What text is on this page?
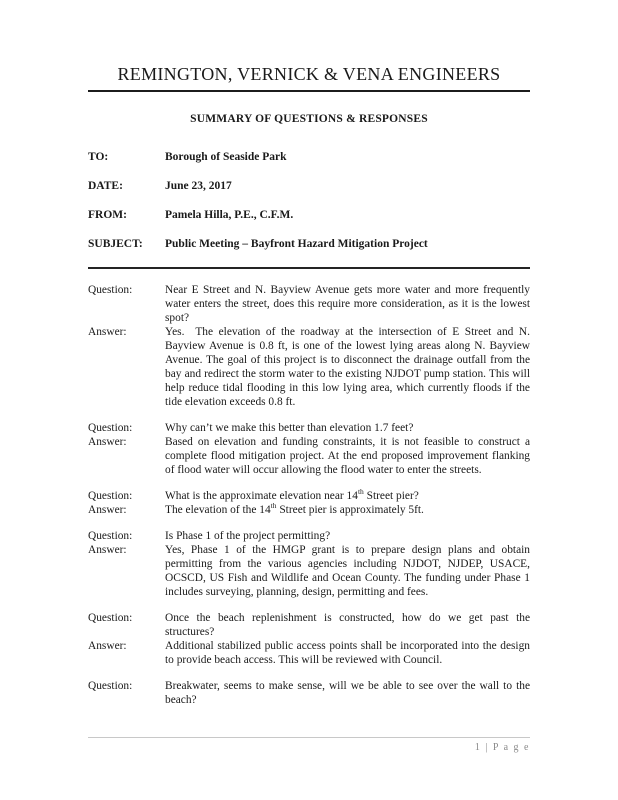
REMINGTON, VERNICK & VENA ENGINEERS
SUMMARY OF QUESTIONS & RESPONSES
TO:	Borough of Seaside Park
DATE:	June 23, 2017
FROM:	Pamela Hilla, P.E., C.F.M.
SUBJECT:	Public Meeting – Bayfront Hazard Mitigation Project
Question:	Near E Street and N. Bayview Avenue gets more water and more frequently water enters the street, does this require more consideration, as it is the lowest spot?
Answer:	Yes.  The elevation of the roadway at the intersection of E Street and N. Bayview Avenue is 0.8 ft, is one of the lowest lying areas along N. Bayview Avenue. The goal of this project is to disconnect the drainage outfall from the bay and redirect the storm water to the existing NJDOT pump station. This will help reduce tidal flooding in this low lying area, which currently floods if the tide elevation exceeds 0.8 ft.
Question:	Why can’t we make this better than elevation 1.7 feet?
Answer:	Based on elevation and funding constraints, it is not feasible to construct a complete flood mitigation project. At the end proposed improvement flanking of flood water will occur allowing the flood water to enter the streets.
Question:	What is the approximate elevation near 14th Street pier?
Answer:	The elevation of the 14th Street pier is approximately 5ft.
Question:	Is Phase 1 of the project permitting?
Answer:	Yes, Phase 1 of the HMGP grant is to prepare design plans and obtain permitting from the various agencies including NJDOT, NJDEP, USACE, OCSCD, US Fish and Wildlife and Ocean County. The funding under Phase 1 includes surveying, planning, design, permitting and fees.
Question:	Once the beach replenishment is constructed, how do we get past the structures?
Answer:	Additional stabilized public access points shall be incorporated into the design to provide beach access. This will be reviewed with Council.
Question:	Breakwater, seems to make sense, will we be able to see over the wall to the beach?
1 | P a g e
